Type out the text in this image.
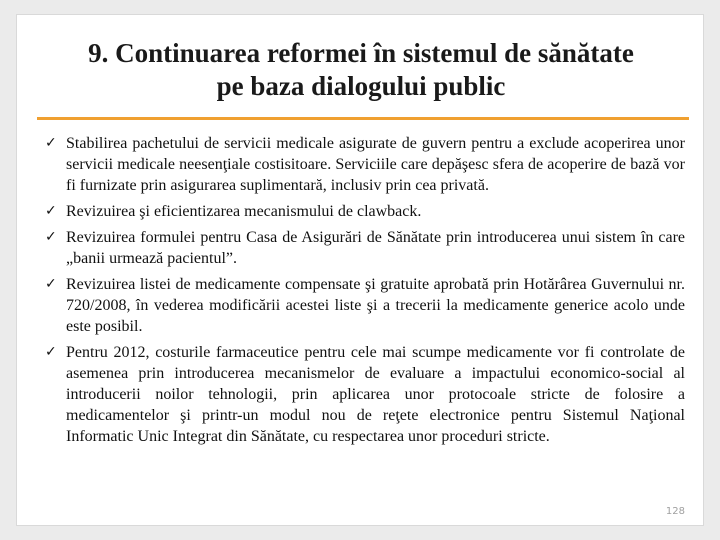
9. Continuarea reformei în sistemul de sănătate
pe baza dialogului public
✓ Stabilirea pachetului de servicii medicale asigurate de guvern pentru a exclude acoperirea unor servicii medicale neesenţiale costisitoare. Serviciile care depăşesc sfera de acoperire de bază vor fi furnizate prin asigurarea suplimentară, inclusiv prin cea privată.
✓ Revizuirea şi eficientizarea mecanismului de clawback.
✓ Revizuirea formulei pentru Casa de Asigurări de Sănătate prin introducerea unui sistem în care „banii urmează pacientul”.
✓ Revizuirea listei de medicamente compensate şi gratuite aprobată prin Hotărârea Guvernului nr. 720/2008, în vederea modificării acestei liste şi a trecerii la medicamente generice acolo unde este posibil.
✓ Pentru 2012, costurile farmaceutice pentru cele mai scumpe medicamente vor fi controlate de asemenea prin introducerea mecanismelor de evaluare a impactului economico-social al introducerii noilor tehnologii, prin aplicarea unor protocoale stricte de folosire a medicamentelor şi printr-un modul nou de reţete electronice pentru Sistemul Naţional Informatic Unic Integrat din Sănătate, cu respectarea unor proceduri stricte.
128
